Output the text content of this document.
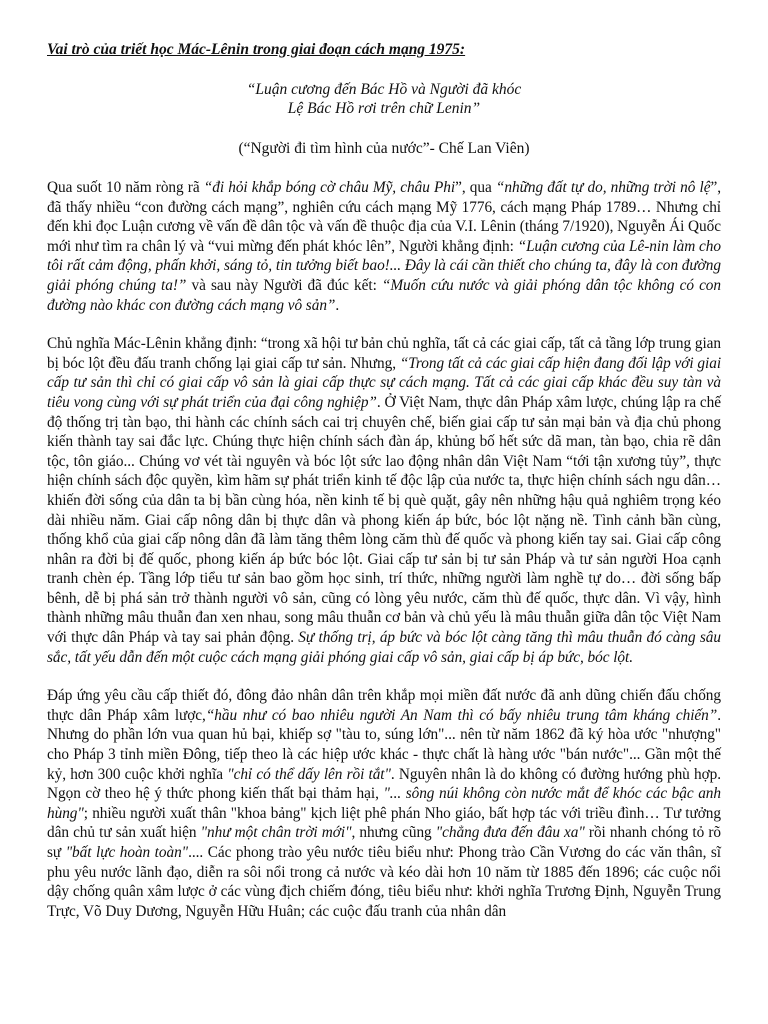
Vai trò của triết học Mác-Lênin trong giai đoạn cách mạng 1975:
“Luận cương đến Bác Hồ và Người đã khóc
Lệ Bác Hồ rơi trên chữ Lenin”
(“Người đi tìm hình của nước”- Chế Lan Viên)

Qua suốt 10 năm ròng rã “đi hỏi khắp bóng cờ châu Mỹ, châu Phi”, qua “những đất tự do, những trời nô lệ”, đã thấy nhiều “con đường cách mạng”, nghiên cứu cách mạng Mỹ 1776, cách mạng Pháp 1789… Nhưng chỉ đến khi đọc Luận cương về vấn đề dân tộc và vấn đề thuộc địa của V.I. Lênin (tháng 7/1920), Nguyễn Ái Quốc mới như tìm ra chân lý và “vui mừng đến phát khóc lên”, Người khẳng định: “Luận cương của Lê-nin làm cho tôi rất cảm động, phấn khởi, sáng tỏ, tin tưởng biết bao!... Đây là cái cần thiết cho chúng ta, đây là con đường giải phóng chúng ta!” và sau này Người đã đúc kết: “Muốn cứu nước và giải phóng dân tộc không có con đường nào khác con đường cách mạng vô sản”.

Chủ nghĩa Mác-Lênin khẳng định: “trong xã hội tư bản chủ nghĩa, tất cả các giai cấp, tất cả tầng lớp trung gian bị bóc lột đều đấu tranh chống lại giai cấp tư sản. Nhưng, “Trong tất cả các giai cấp hiện đang đối lập với giai cấp tư sản thì chỉ có giai cấp vô sản là giai cấp thực sự cách mạng. Tất cả các giai cấp khác đều suy tàn và tiêu vong cùng với sự phát triển của đại công nghiệp”. Ở Việt Nam, thực dân Pháp xâm lược, chúng lập ra chế độ thống trị tàn bạo, thi hành các chính sách cai trị chuyên chế, biến giai cấp tư sản mại bản và địa chủ phong kiến thành tay sai đắc lực. Chúng thực hiện chính sách đàn áp, khủng bố hết sức dã man, tàn bạo, chia rẽ dân tộc, tôn giáo... Chúng vơ vét tài nguyên và bóc lột sức lao động nhân dân Việt Nam “tới tận xương tủy”, thực hiện chính sách độc quyền, kìm hãm sự phát triển kinh tế độc lập của nước ta, thực hiện chính sách ngu dân… khiến đời sống của dân ta bị bần cùng hóa, nền kinh tế bị què quặt, gây nên những hậu quả nghiêm trọng kéo dài nhiều năm. Giai cấp nông dân bị thực dân và phong kiến áp bức, bóc lột nặng nề. Tình cảnh bần cùng, thống khổ của giai cấp nông dân đã làm tăng thêm lòng căm thù đế quốc và phong kiến tay sai. Giai cấp công nhân ra đời bị đế quốc, phong kiến áp bức bóc lột. Giai cấp tư sản bị tư sản Pháp và tư sản người Hoa cạnh tranh chèn ép. Tầng lớp tiểu tư sản bao gồm học sinh, trí thức, những người làm nghề tự do… đời sống bấp bênh, dễ bị phá sản trở thành người vô sản, cũng có lòng yêu nước, căm thù đế quốc, thực dân. Vì vậy, hình thành những mâu thuẫn đan xen nhau, song mâu thuẫn cơ bản và chủ yếu là mâu thuẫn giữa dân tộc Việt Nam với thực dân Pháp và tay sai phản động. Sự thống trị, áp bức và bóc lột càng tăng thì mâu thuẫn đó càng sâu sắc, tất yếu dẫn đến một cuộc cách mạng giải phóng giai cấp vô sản, giai cấp bị áp bức, bóc lột.

Đáp ứng yêu cầu cấp thiết đó, đông đảo nhân dân trên khắp mọi miền đất nước đã anh dũng chiến đấu chống thực dân Pháp xâm lược,“hầu như có bao nhiêu người An Nam thì có bấy nhiêu trung tâm kháng chiến”. Nhưng do phần lớn vua quan hủ bại, khiếp sợ "tàu to, súng lớn"... nên từ năm 1862 đã ký hòa ước "nhượng" cho Pháp 3 tỉnh miền Đông, tiếp theo là các hiệp ước khác - thực chất là hàng ước "bán nước"... Gần một thế kỷ, hơn 300 cuộc khởi nghĩa "chỉ có thể dấy lên rồi tắt". Nguyên nhân là do không có đường hướng phù hợp. Ngọn cờ theo hệ ý thức phong kiến thất bại thảm hại, "... sông núi không còn nước mắt để khóc các bậc anh hùng"; nhiều người xuất thân "khoa bảng" kịch liệt phê phán Nho giáo, bất hợp tác với triều đình… Tư tưởng dân chủ tư sản xuất hiện "như một chân trời mới", nhưng cũng "chẳng đưa đến đâu xa" rồi nhanh chóng tỏ rõ sự "bất lực hoàn toàn".... Các phong trào yêu nước tiêu biểu như: Phong trào Cần Vương do các văn thân, sĩ phu yêu nước lãnh đạo, diễn ra sôi nổi trong cả nước và kéo dài hơn 10 năm từ 1885 đến 1896; các cuộc nổi dậy chống quân xâm lược ở các vùng địch chiếm đóng, tiêu biểu như: khởi nghĩa Trương Định, Nguyễn Trung Trực, Võ Duy Dương, Nguyễn Hữu Huân; các cuộc đấu tranh của nhân dân
